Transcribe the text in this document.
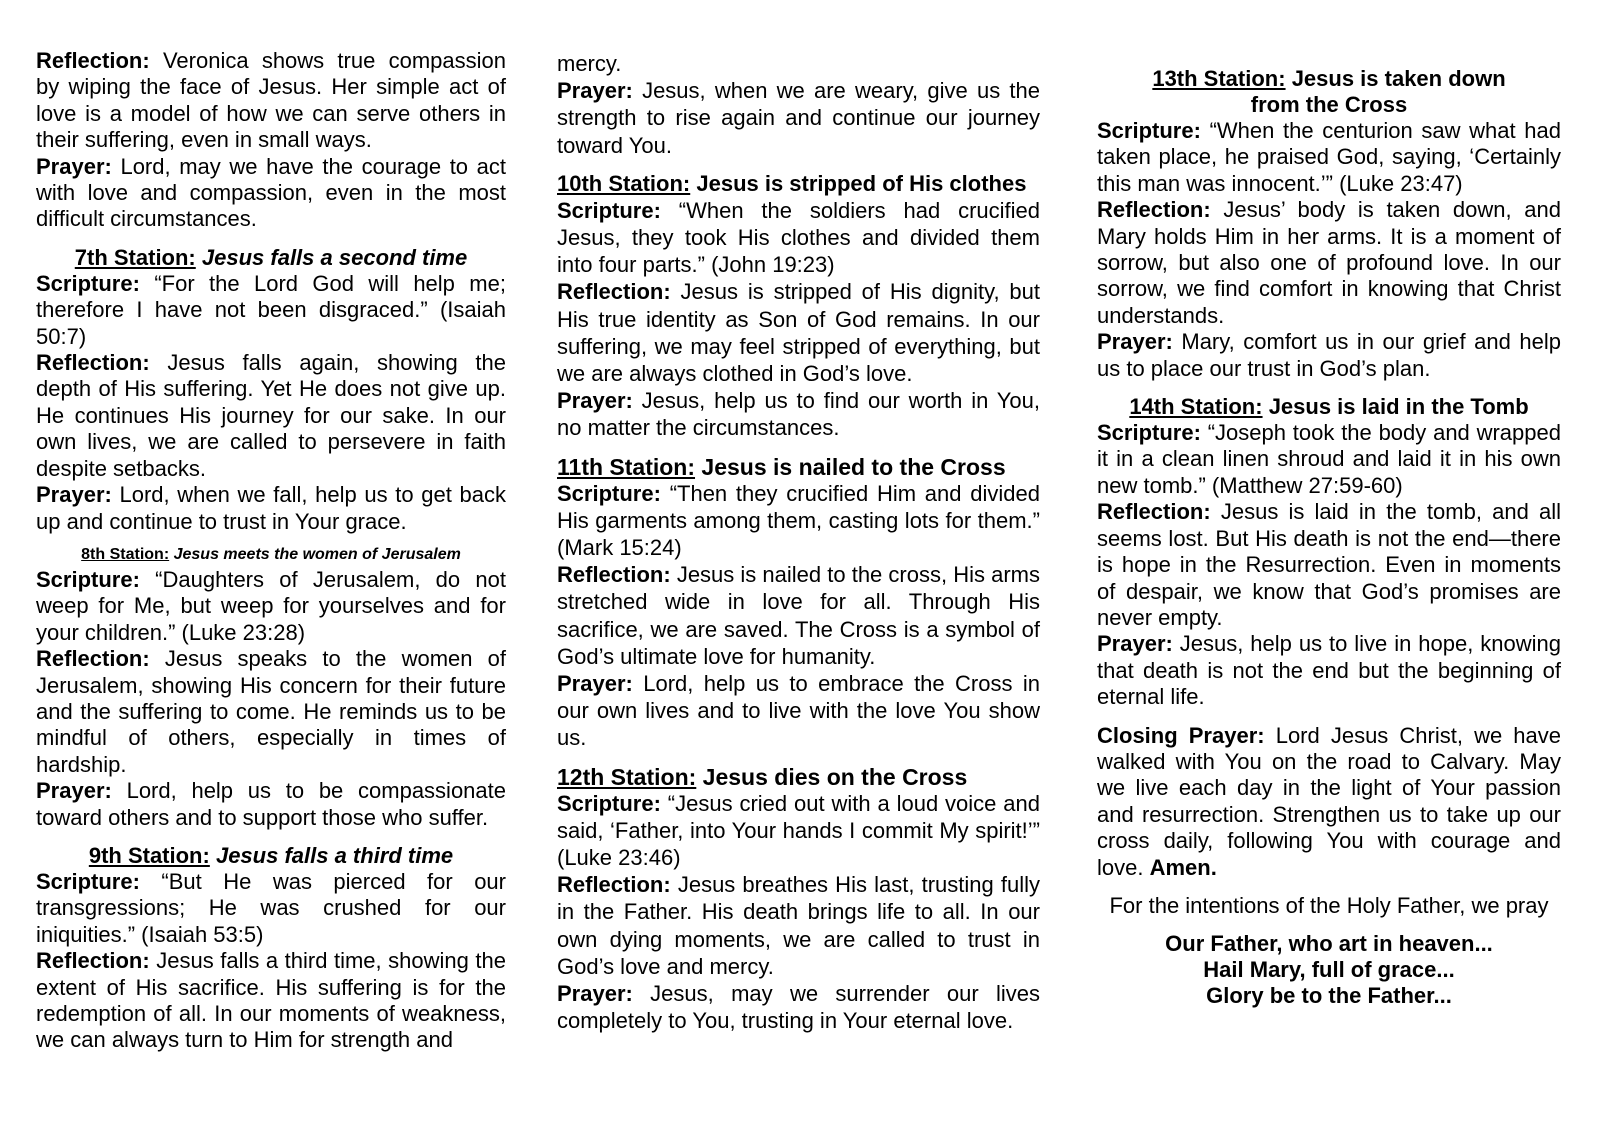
Reflection: Veronica shows true compassion by wiping the face of Jesus. Her simple act of love is a model of how we can serve others in their suffering, even in small ways.

Prayer: Lord, may we have the courage to act with love and compassion, even in the most difficult circumstances.

7th Station: Jesus falls a second time

Scripture: “For the Lord God will help me; therefore I have not been disgraced.” (Isaiah 50:7)

Reflection: Jesus falls again, showing the depth of His suffering. Yet He does not give up. He continues His journey for our sake. In our own lives, we are called to persevere in faith despite setbacks.

Prayer: Lord, when we fall, help us to get back up and continue to trust in Your grace.

8th Station: Jesus meets the women of Jerusalem

Scripture: “Daughters of Jerusalem, do not weep for Me, but weep for yourselves and for your children.” (Luke 23:28)

Reflection: Jesus speaks to the women of Jerusalem, showing His concern for their future and the suffering to come. He reminds us to be mindful of others, especially in times of hardship.

Prayer: Lord, help us to be compassionate toward others and to support those who suffer.

9th Station: Jesus falls a third time

Scripture: “But He was pierced for our transgressions; He was crushed for our iniquities.” (Isaiah 53:5)

Reflection: Jesus falls a third time, showing the extent of His sacrifice. His suffering is for the redemption of all. In our moments of weakness, we can always turn to Him for strength and

mercy.

Prayer: Jesus, when we are weary, give us the strength to rise again and continue our journey toward You.

10th Station: Jesus is stripped of His clothes

Scripture: “When the soldiers had crucified Jesus, they took His clothes and divided them into four parts.” (John 19:23)

Reflection: Jesus is stripped of His dignity, but His true identity as Son of God remains. In our suffering, we may feel stripped of everything, but we are always clothed in God’s love.

Prayer: Jesus, help us to find our worth in You, no matter the circumstances.

11th Station: Jesus is nailed to the Cross

Scripture: “Then they crucified Him and divided His garments among them, casting lots for them.” (Mark 15:24)

Reflection: Jesus is nailed to the cross, His arms stretched wide in love for all. Through His sacrifice, we are saved. The Cross is a symbol of God’s ultimate love for humanity.

Prayer: Lord, help us to embrace the Cross in our own lives and to live with the love You show us.

12th Station: Jesus dies on the Cross

Scripture: “Jesus cried out with a loud voice and said, ‘Father, into Your hands I commit My spirit!’” (Luke 23:46)

Reflection: Jesus breathes His last, trusting fully in the Father. His death brings life to all. In our own dying moments, we are called to trust in God’s love and mercy.

Prayer: Jesus, may we surrender our lives completely to You, trusting in Your eternal love.

13th Station: Jesus is taken down
from the Cross

Scripture: “When the centurion saw what had taken place, he praised God, saying, ‘Certainly this man was innocent.’” (Luke 23:47)

Reflection: Jesus’ body is taken down, and Mary holds Him in her arms. It is a moment of sorrow, but also one of profound love. In our sorrow, we find comfort in knowing that Christ understands.

Prayer: Mary, comfort us in our grief and help us to place our trust in God’s plan.

14th Station: Jesus is laid in the Tomb

Scripture: “Joseph took the body and wrapped it in a clean linen shroud and laid it in his own new tomb.” (Matthew 27:59-60)

Reflection: Jesus is laid in the tomb, and all seems lost. But His death is not the end—there is hope in the Resurrection. Even in moments of despair, we know that God’s promises are never empty.

Prayer: Jesus, help us to live in hope, knowing that death is not the end but the beginning of eternal life.

Closing Prayer: Lord Jesus Christ, we have walked with You on the road to Calvary. May we live each day in the light of Your passion and resurrection. Strengthen us to take up our cross daily, following You with courage and love. Amen.

For the intentions of the Holy Father, we pray

Our Father, who art in heaven...
Hail Mary, full of grace...
Glory be to the Father...
